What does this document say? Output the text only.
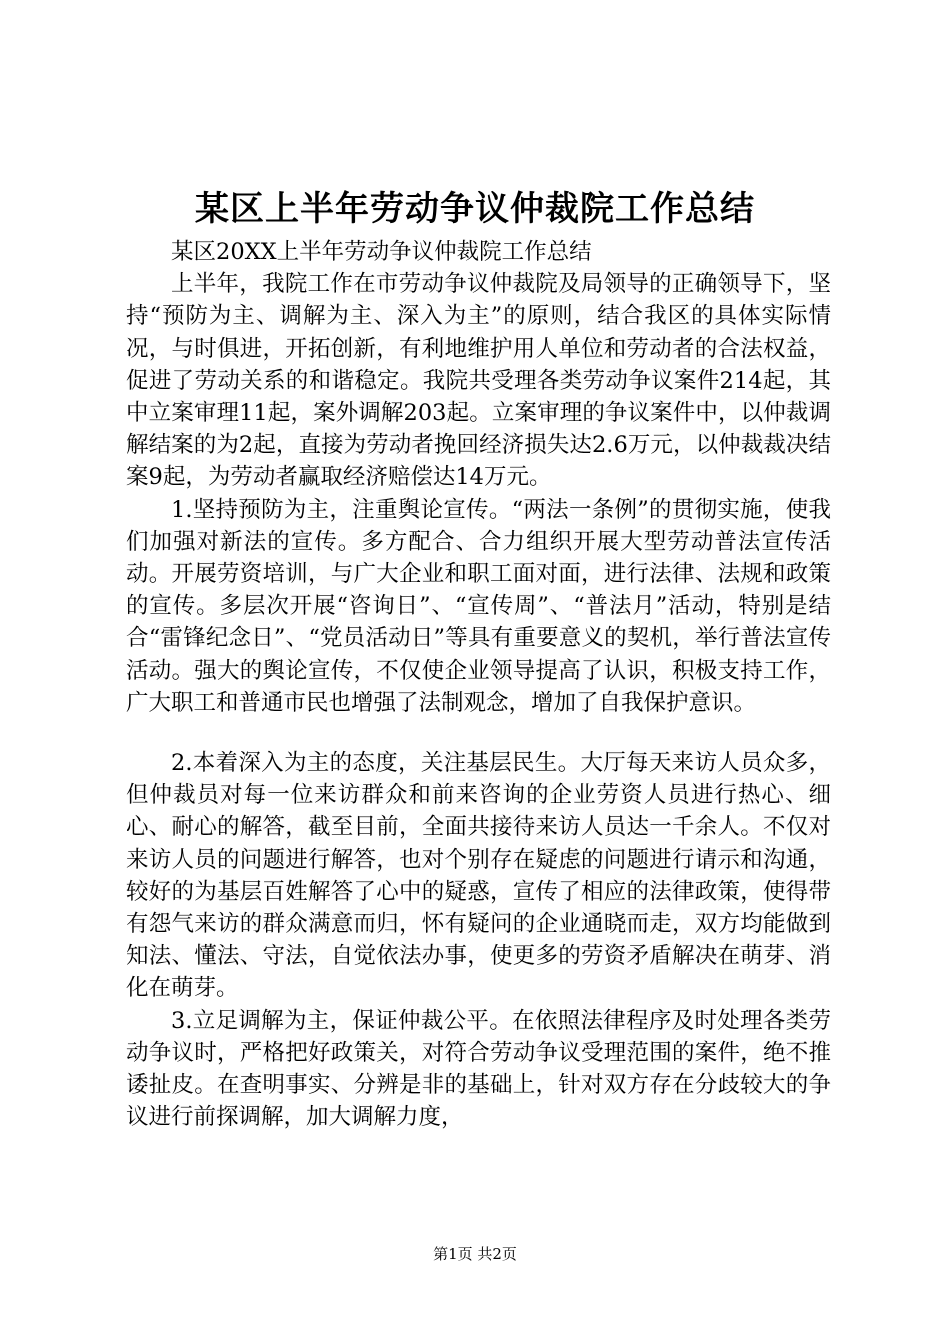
某区上半年劳动争议仲裁院工作总结

某区20XX上半年劳动争议仲裁院工作总结

上半年，我院工作在市劳动争议仲裁院及局领导的正确领导下，坚持“预防为主、调解为主、深入为主”的原则，结合我区的具体实际情况，与时俱进，开拓创新，有利地维护用人单位和劳动者的合法权益，促进了劳动关系的和谐稳定。我院共受理各类劳动争议案件214起，其中立案审理11起，案外调解203起。立案审理的争议案件中，以仲裁调解结案的为2起，直接为劳动者挽回经济损失达2.6万元，以仲裁裁决结案9起，为劳动者赢取经济赔偿达14万元。

1.坚持预防为主，注重舆论宣传。“两法一条例”的贯彻实施，使我们加强对新法的宣传。多方配合、合力组织开展大型劳动普法宣传活动。开展劳资培训，与广大企业和职工面对面，进行法律、法规和政策的宣传。多层次开展“咨询日”、“宣传周”、“普法月”活动，特别是结合“雷锋纪念日”、“党员活动日”等具有重要意义的契机，举行普法宣传活动。强大的舆论宣传，不仅使企业领导提高了认识，积极支持工作，广大职工和普通市民也增强了法制观念，增加了自我保护意识。

2.本着深入为主的态度，关注基层民生。大厅每天来访人员众多，但仲裁员对每一位来访群众和前来咨询的企业劳资人员进行热心、细心、耐心的解答，截至目前，全面共接待来访人员达一千余人。不仅对来访人员的问题进行解答，也对个别存在疑虑的问题进行请示和沟通，较好的为基层百姓解答了心中的疑惑，宣传了相应的法律政策，使得带有怨气来访的群众满意而归，怀有疑问的企业通晓而走，双方均能做到知法、懂法、守法，自觉依法办事，使更多的劳资矛盾解决在萌芽、消化在萌芽。

3.立足调解为主，保证仲裁公平。在依照法律程序及时处理各类劳动争议时，严格把好政策关，对符合劳动争议受理范围的案件，绝不推诿扯皮。在查明事实、分辨是非的基础上，针对双方存在分歧较大的争议进行前探调解，加大调解力度，

第1页 共2页
